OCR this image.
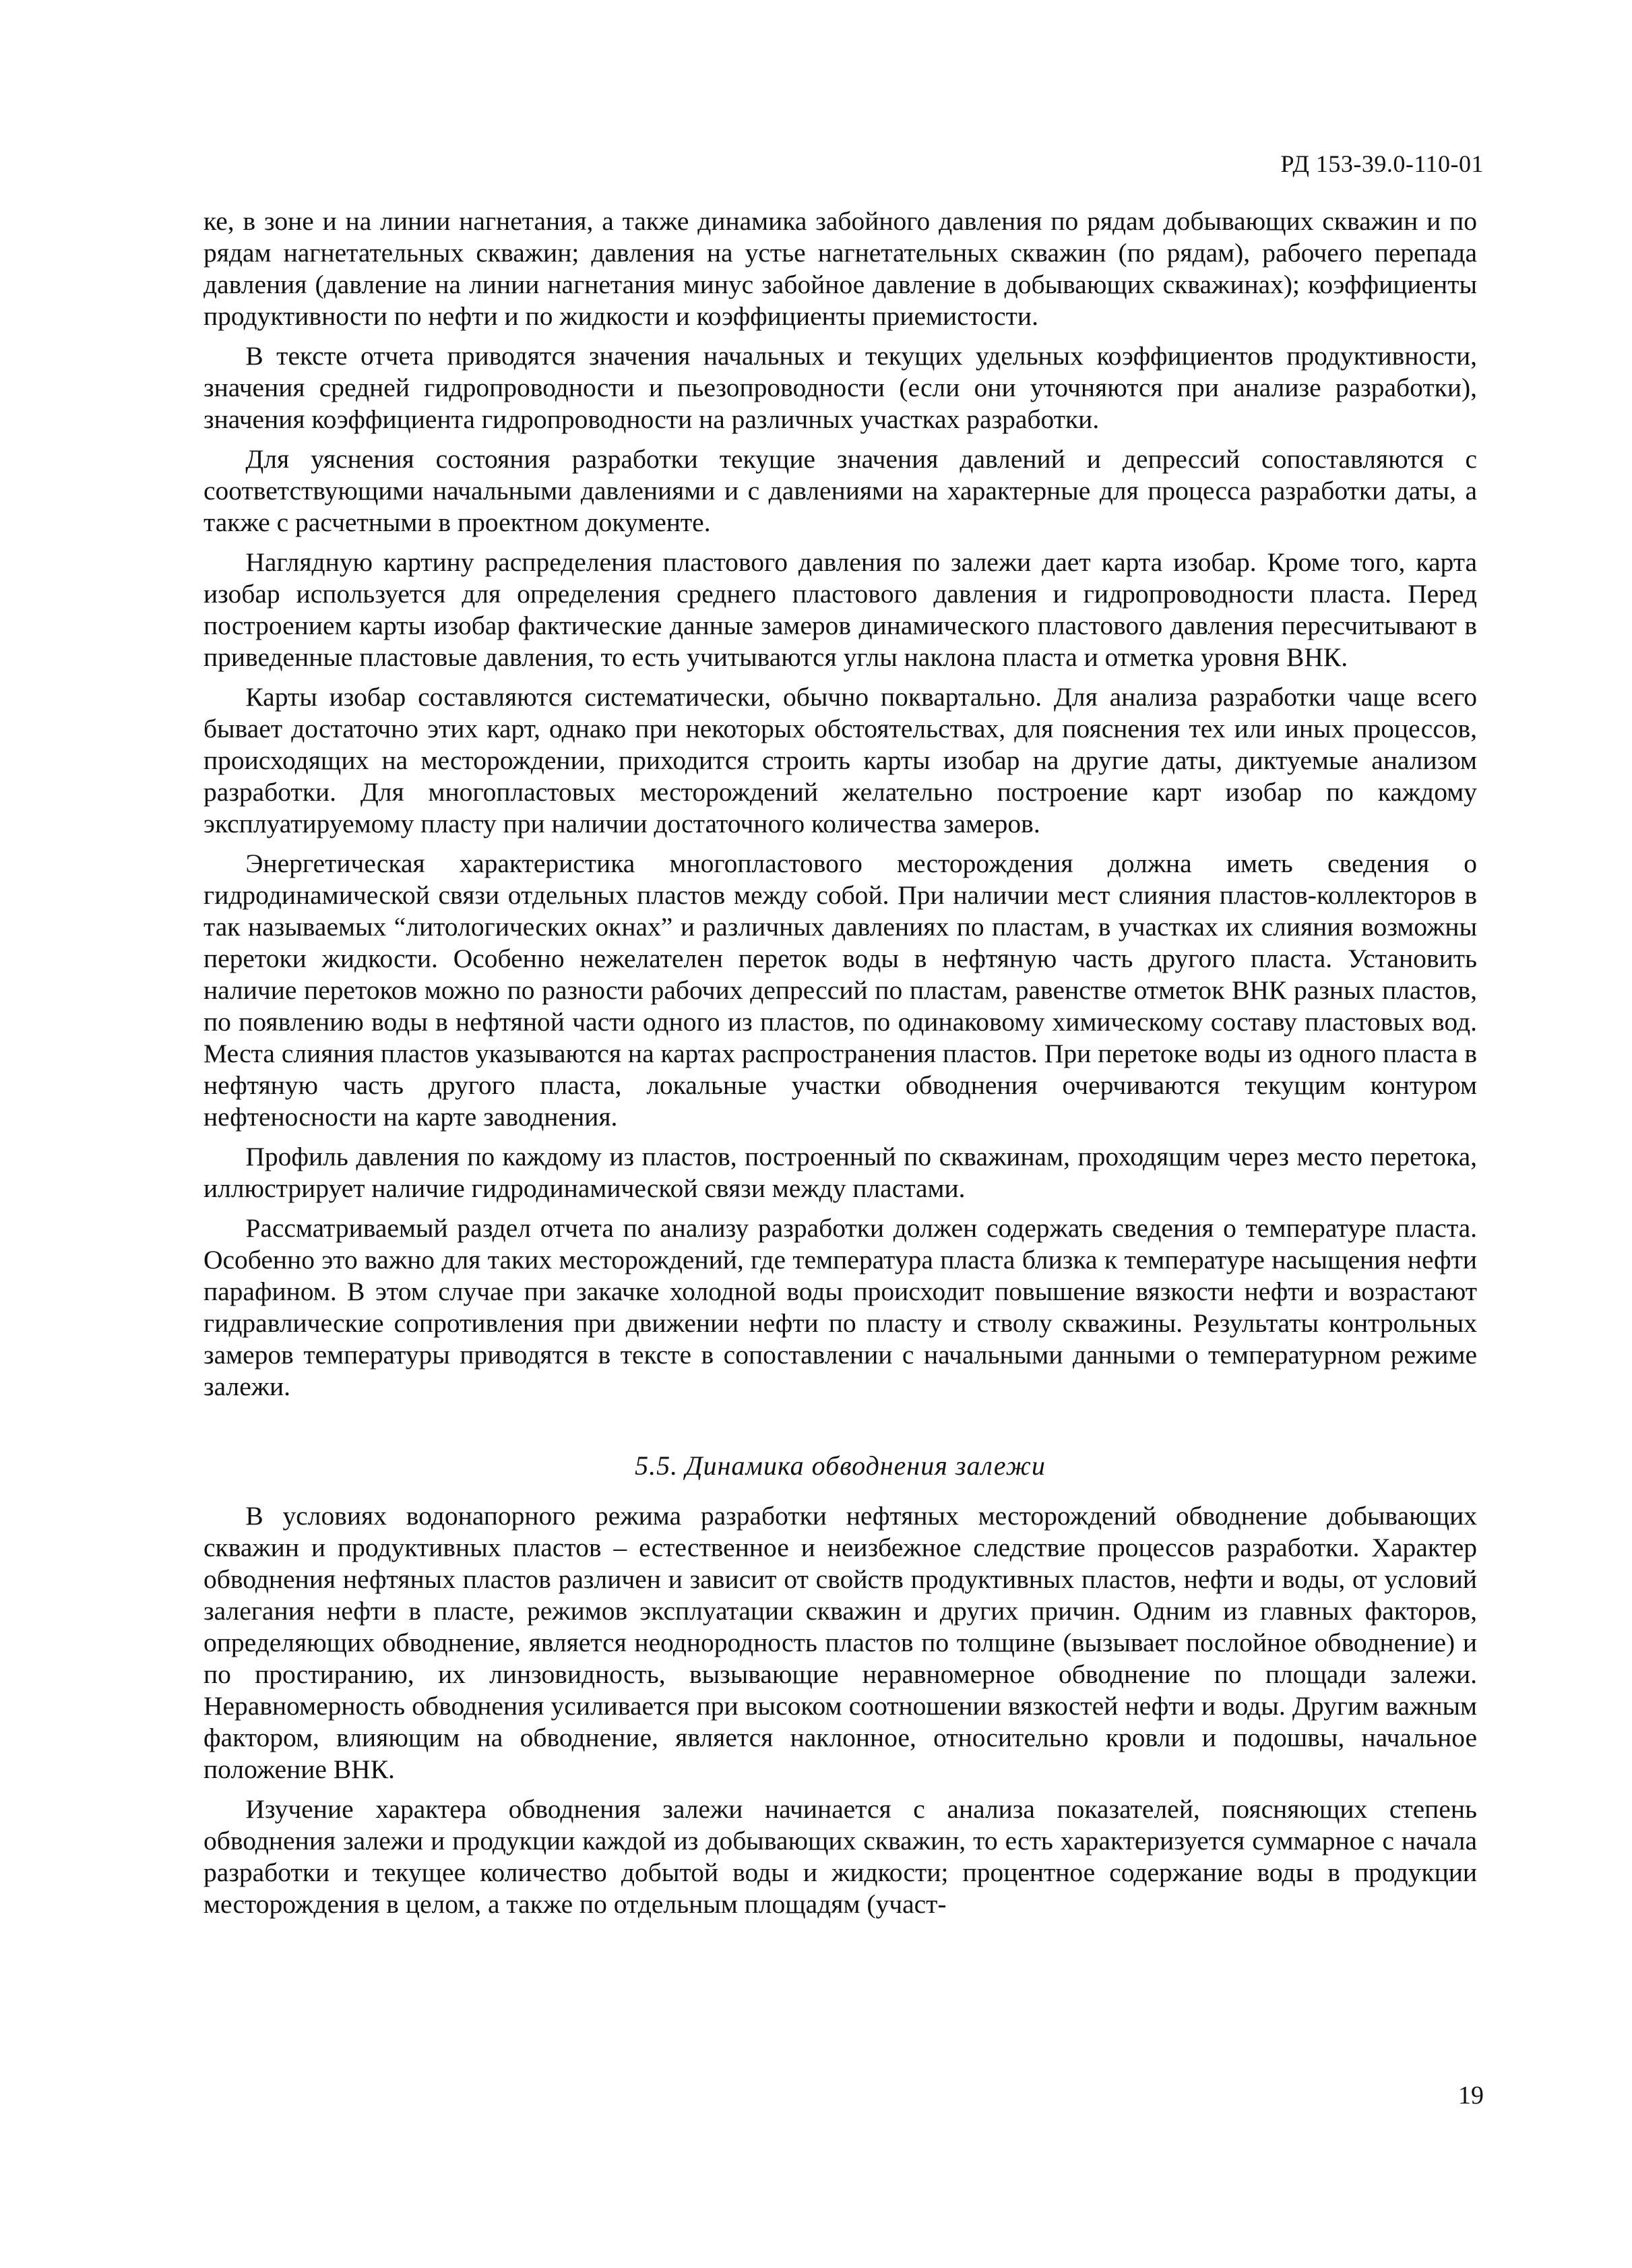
РД 153-39.0-110-01

ке, в зоне и на линии нагнетания, а также динамика забойного давления по рядам добывающих скважин и по рядам нагнетательных скважин; давления на устье нагнетательных скважин (по рядам), рабочего перепада давления (давление на линии нагнетания минус забойное давление в добывающих скважинах); коэффициенты продуктивности по нефти и по жидкости и коэффициенты приемистости.

В тексте отчета приводятся значения начальных и текущих удельных коэффициентов продуктивности, значения средней гидропроводности и пьезопроводности (если они уточняются при анализе разработки), значения коэффициента гидропроводности на различных участках разработки.

Для уяснения состояния разработки текущие значения давлений и депрессий сопоставляются с соответствующими начальными давлениями и с давлениями на характерные для процесса разработки даты, а также с расчетными в проектном документе.

Наглядную картину распределения пластового давления по залежи дает карта изобар. Кроме того, карта изобар используется для определения среднего пластового давления и гидропроводности пласта. Перед построением карты изобар фактические данные замеров динамического пластового давления пересчитывают в приведенные пластовые давления, то есть учитываются углы наклона пласта и отметка уровня ВНК.

Карты изобар составляются систематически, обычно поквартально. Для анализа разработки чаще всего бывает достаточно этих карт, однако при некоторых обстоятельствах, для пояснения тех или иных процессов, происходящих на месторождении, приходится строить карты изобар на другие даты, диктуемые анализом разработки. Для многопластовых месторождений желательно построение карт изобар по каждому эксплуатируемому пласту при наличии достаточного количества замеров.

Энергетическая характеристика многопластового месторождения должна иметь сведения о гидродинамической связи отдельных пластов между собой. При наличии мест слияния пластов-коллекторов в так называемых “литологических окнах” и различных давлениях по пластам, в участках их слияния возможны перетоки жидкости. Особенно нежелателен переток воды в нефтяную часть другого пласта. Установить наличие перетоков можно по разности рабочих депрессий по пластам, равенстве отметок ВНК разных пластов, по появлению воды в нефтяной части одного из пластов, по одинаковому химическому составу пластовых вод. Места слияния пластов указываются на картах распространения пластов. При перетоке воды из одного пласта в нефтяную часть другого пласта, локальные участки обводнения очерчиваются текущим контуром нефтеносности на карте заводнения.

Профиль давления по каждому из пластов, построенный по скважинам, проходящим через место перетока, иллюстрирует наличие гидродинамической связи между пластами.

Рассматриваемый раздел отчета по анализу разработки должен содержать сведения о температуре пласта. Особенно это важно для таких месторождений, где температура пласта близка к температуре насыщения нефти парафином. В этом случае при закачке холодной воды происходит повышение вязкости нефти и возрастают гидравлические сопротивления при движении нефти по пласту и стволу скважины. Результаты контрольных замеров температуры приводятся в тексте в сопоставлении с начальными данными о температурном режиме залежи.

5.5. Динамика обводнения залежи

В условиях водонапорного режима разработки нефтяных месторождений обводнение добывающих скважин и продуктивных пластов – естественное и неизбежное следствие процессов разработки. Характер обводнения нефтяных пластов различен и зависит от свойств продуктивных пластов, нефти и воды, от условий залегания нефти в пласте, режимов эксплуатации скважин и других причин. Одним из главных факторов, определяющих обводнение, является неоднородность пластов по толщине (вызывает послойное обводнение) и по простиранию, их линзовидность, вызывающие неравномерное обводнение по площади залежи. Неравномерность обводнения усиливается при высоком соотношении вязкостей нефти и воды. Другим важным фактором, влияющим на обводнение, является наклонное, относительно кровли и подошвы, начальное положение ВНК.

Изучение характера обводнения залежи начинается с анализа показателей, поясняющих степень обводнения залежи и продукции каждой из добывающих скважин, то есть характеризуется суммарное с начала разработки и текущее количество добытой воды и жидкости; процентное содержание воды в продукции месторождения в целом, а также по отдельным площадям (участ-

19
